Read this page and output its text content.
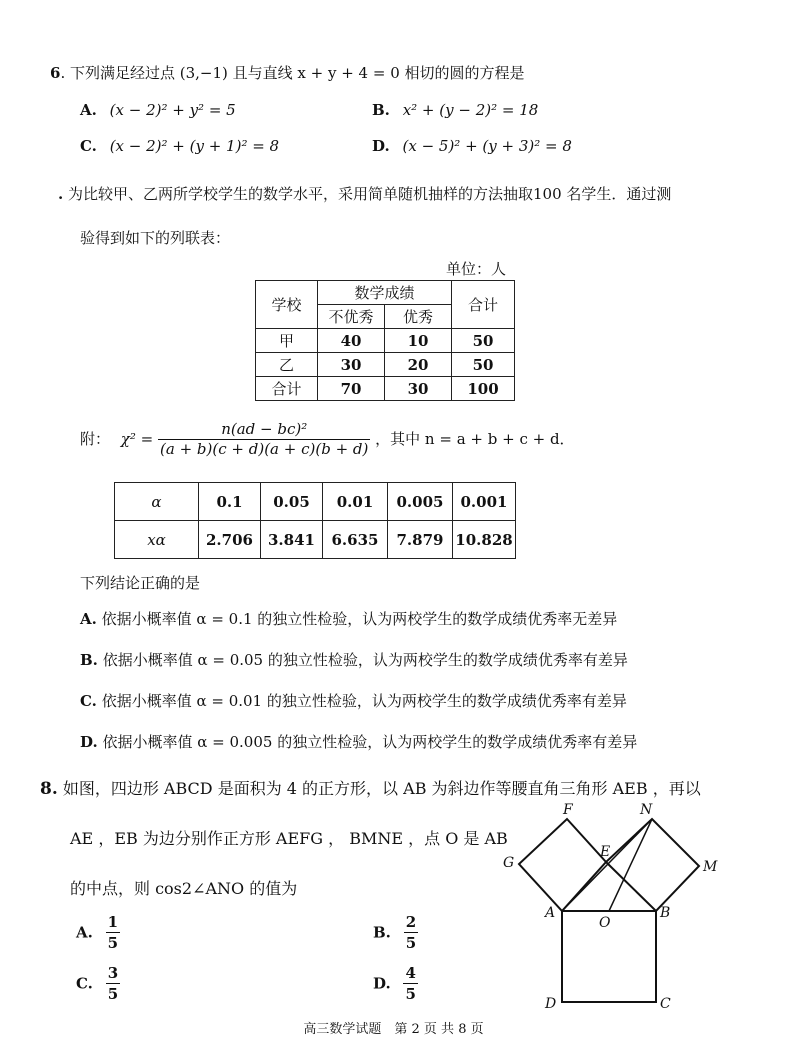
6. 下列满足经过点 (3,−1) 且与直线 x + y + 4 = 0 相切的圆的方程是
A. (x − 2)² + y² = 5	B. x² + (y − 2)² = 18
C. (x − 2)² + (y + 1)² = 8	D. (x − 5)² + (y + 3)² = 8
. 为比较甲、乙两所学校学生的数学水平，采用简单随机抽样的方法抽取100 名学生．通过测
验得到如下的列联表：
单位：人
学校	数学成绩		合计
	不优秀	优秀	
甲	40	10	50
乙	30	20	50
合计	70	30	100
附： $\chi^2 = \frac{\text{n(ad − bc)²}}{(a + b)(c + d)(a + c)(b + d)}$ ，其中 n = a + b + c + d．
α	0.1	0.05	0.01	0.005	0.001
xα	2.706	3.841	6.635	7.879	10.828
下列结论正确的是
A. 依据小概率值 α = 0.1 的独立性检验，认为两校学生的数学成绩优秀率无差异
B. 依据小概率值 α = 0.05 的独立性检验，认为两校学生的数学成绩优秀率有差异
C. 依据小概率值 α = 0.01 的独立性检验，认为两校学生的数学成绩优秀率有差异
D. 依据小概率值 α = 0.005 的独立性检验，认为两校学生的数学成绩优秀率有差异
8. 如图，四边形 ABCD 是面积为 4 的正方形，以 AB 为斜边作等腰直角三角形 AEB ，再以
AE ，EB 为边分别作正方形 AEFG ， BMNE ，点 O 是 AB
的中点，则 cos2∠ANO 的值为
A. $\frac{1}{5}$	B. $\frac{2}{5}$
C. $\frac{3}{5}$	D. $\frac{4}{5}$
F	N
G
E
M
A
O
B
D	C
高三数学试题　第 2 页 共 8 页
